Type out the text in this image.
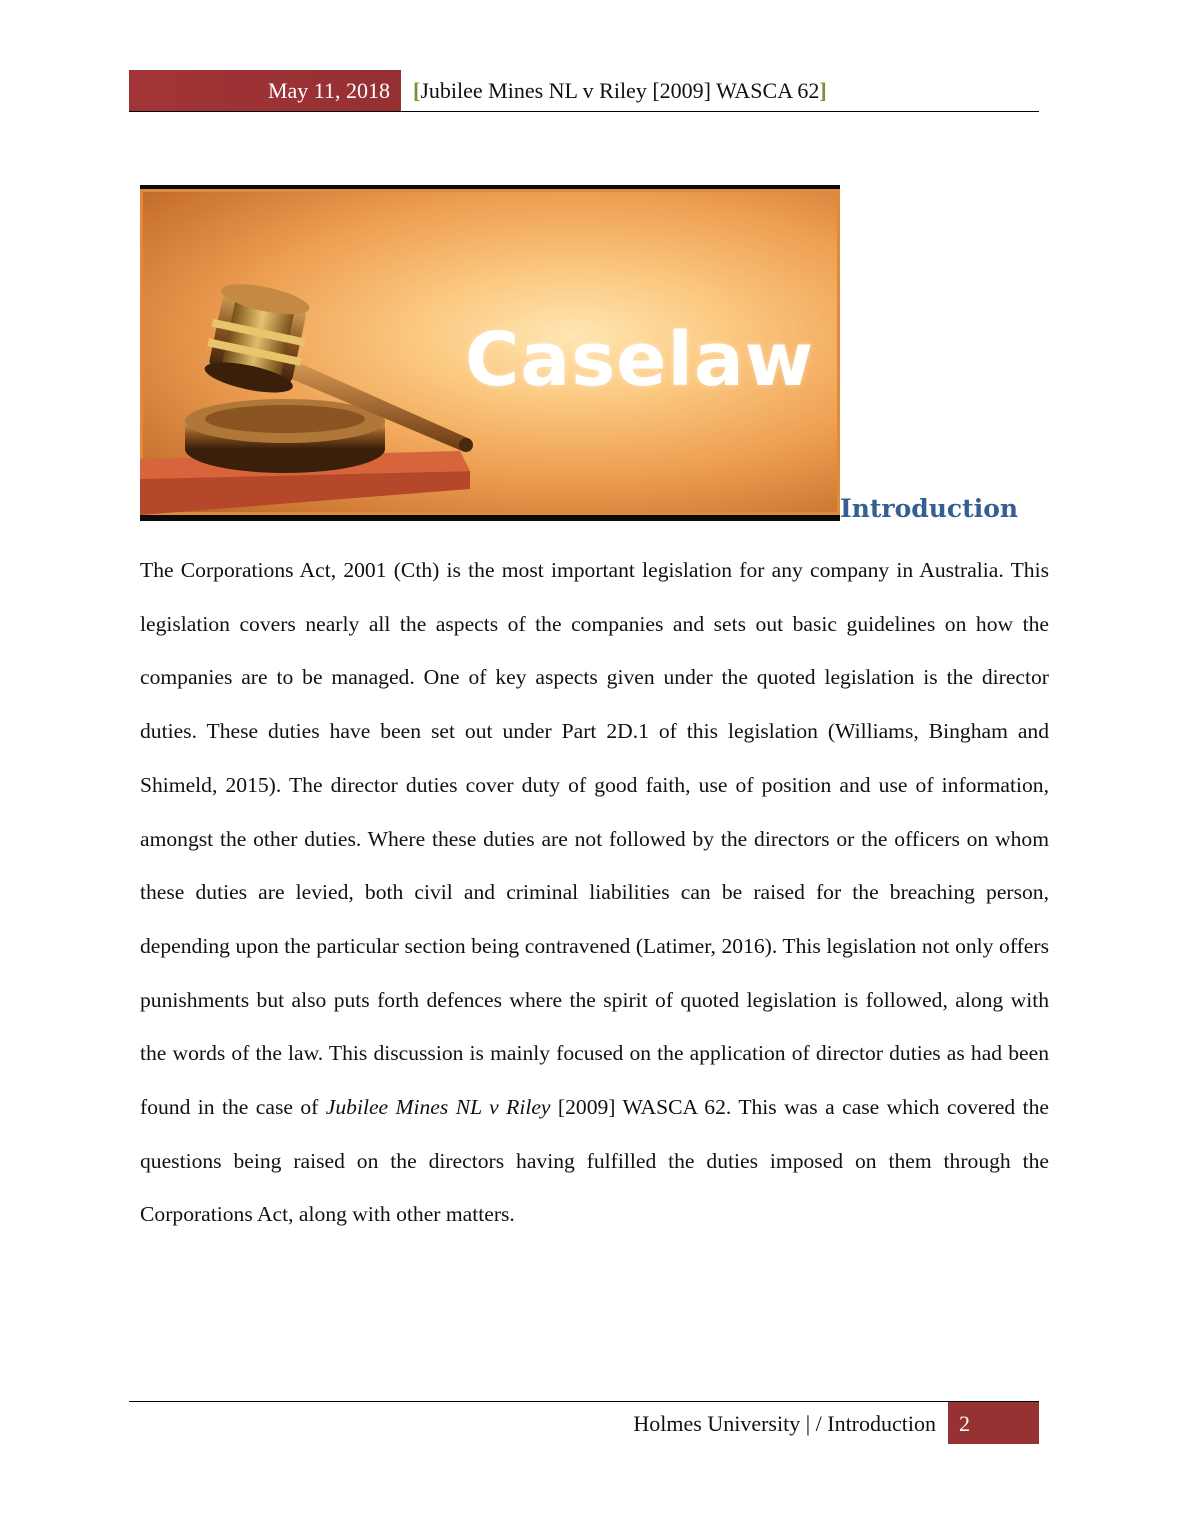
May 11, 2018	[Jubilee Mines NL v Riley [2009] WASCA 62]
Caselaw
Introduction

The Corporations Act, 2001 (Cth) is the most important legislation for any company in Australia. This legislation covers nearly all the aspects of the companies and sets out basic guidelines on how the companies are to be managed. One of key aspects given under the quoted legislation is the director duties. These duties have been set out under Part 2D.1 of this legislation (Williams, Bingham and Shimeld, 2015). The director duties cover duty of good faith, use of position and use of information, amongst the other duties. Where these duties are not followed by the directors or the officers on whom these duties are levied, both civil and criminal liabilities can be raised for the breaching person, depending upon the particular section being contravened (Latimer, 2016). This legislation not only offers punishments but also puts forth defences where the spirit of quoted legislation is followed, along with the words of the law. This discussion is mainly focused on the application of director duties as had been found in the case of Jubilee Mines NL v Riley [2009] WASCA 62. This was a case which covered the questions being raised on the directors having fulfilled the duties imposed on them through the Corporations Act, along with other matters.

Holmes University | / Introduction	2
